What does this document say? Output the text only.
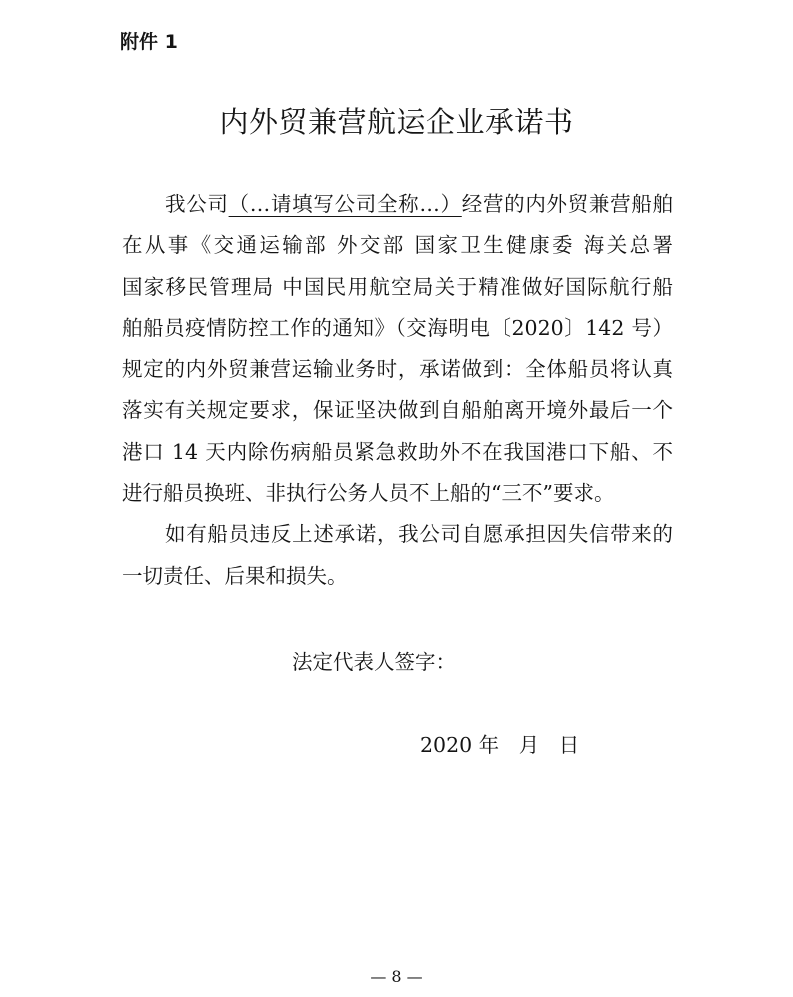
附件 1
内外贸兼营航运企业承诺书
我公司（…请填写公司全称…）经营的内外贸兼营船舶
在从事《交通运输部 外交部 国家卫生健康委 海关总署
国家移民管理局 中国民用航空局关于精准做好国际航行船
舶船员疫情防控工作的通知》（交海明电〔2020〕142 号）
规定的内外贸兼营运输业务时，承诺做到：全体船员将认真
落实有关规定要求，保证坚决做到自船舶离开境外最后一个
港口 14 天内除伤病船员紧急救助外不在我国港口下船、不
进行船员换班、非执行公务人员不上船的“三不”要求。
如有船员违反上述承诺，我公司自愿承担因失信带来的
一切责任、后果和损失。
法定代表人签字：
2020 年   月   日
— 8 —
